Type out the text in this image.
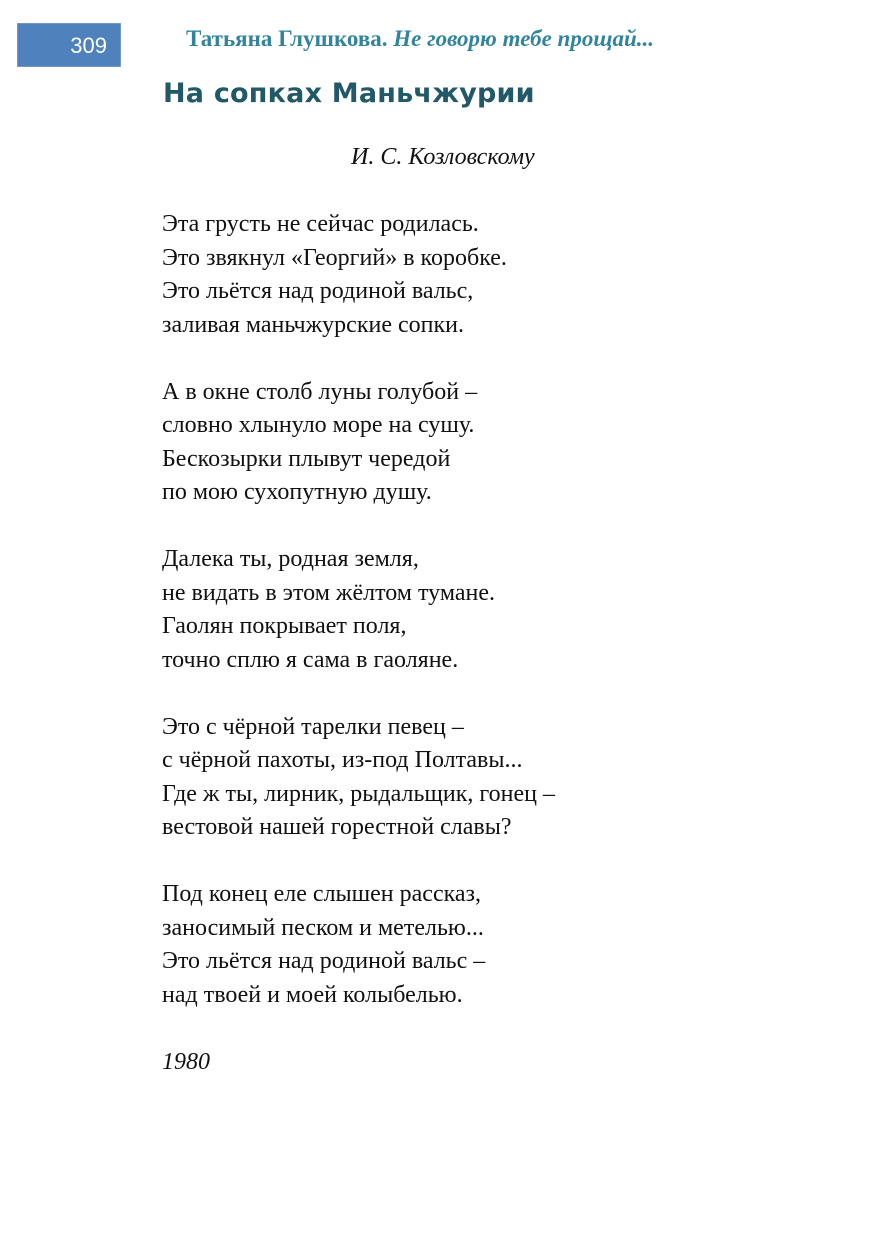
309	Татьяна Глушкова. Не говорю тебе прощай...
На сопках Маньчжурии
И. С. Козловскому
Эта грусть не сейчас родилась.
Это звякнул «Георгий» в коробке.
Это льётся над родиной вальс,
заливая маньчжурские сопки.
А в окне столб луны голубой –
словно хлынуло море на сушу.
Бескозырки плывут чередой
по мою сухопутную душу.
Далека ты, родная земля,
не видать в этом жёлтом тумане.
Гаолян покрывает поля,
точно сплю я сама в гаоляне.
Это с чёрной тарелки певец –
с чёрной пахоты, из-под Полтавы...
Где ж ты, лирник, рыдальщик, гонец –
вестовой нашей горестной славы?
Под конец еле слышен рассказ,
заносимый песком и метелью...
Это льётся над родиной вальс –
над твоей и моей колыбелью.
1980
